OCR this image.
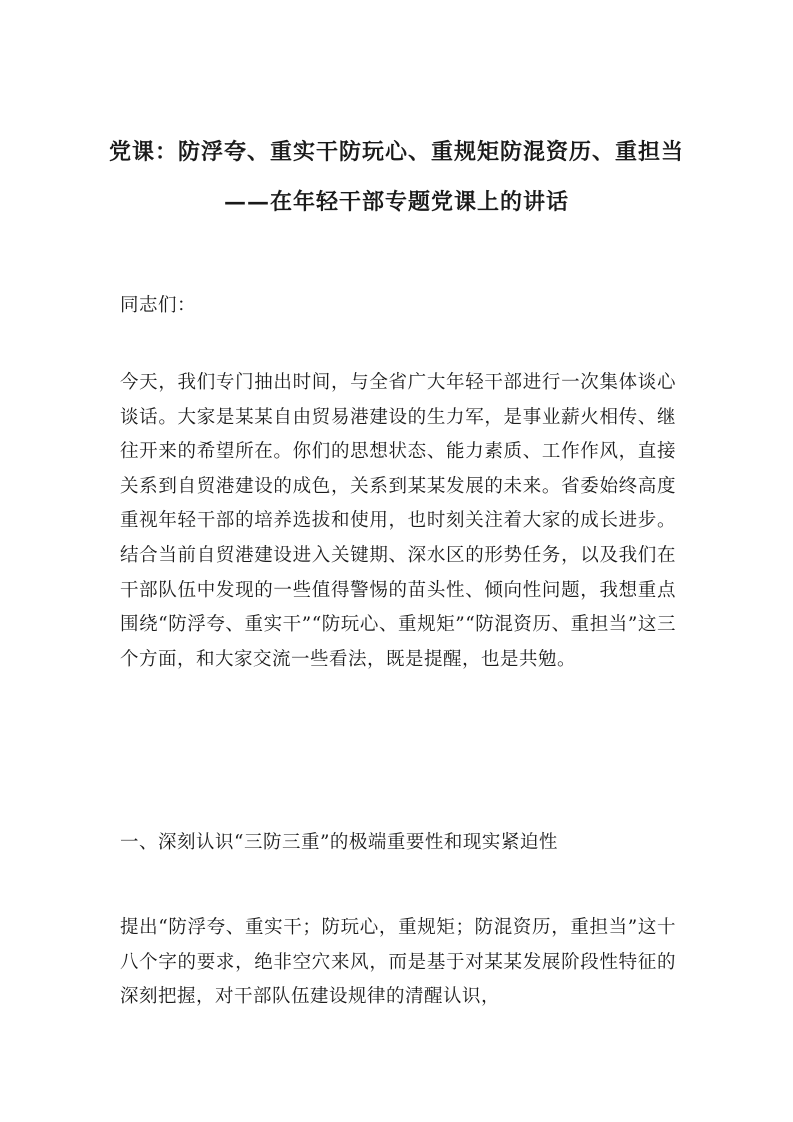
党课：防浮夸、重实干防玩心、重规矩防混资历、重担当——在年轻干部专题党课上的讲话

同志们：

今天，我们专门抽出时间，与全省广大年轻干部进行一次集体谈心谈话。大家是某某自由贸易港建设的生力军，是事业薪火相传、继往开来的希望所在。你们的思想状态、能力素质、工作作风，直接关系到自贸港建设的成色，关系到某某发展的未来。省委始终高度重视年轻干部的培养选拔和使用，也时刻关注着大家的成长进步。结合当前自贸港建设进入关键期、深水区的形势任务，以及我们在干部队伍中发现的一些值得警惕的苗头性、倾向性问题，我想重点围绕“防浮夸、重实干”“防玩心、重规矩”“防混资历、重担当”这三个方面，和大家交流一些看法，既是提醒，也是共勉。

一、深刻认识“三防三重”的极端重要性和现实紧迫性

提出“防浮夸、重实干；防玩心，重规矩；防混资历，重担当”这十八个字的要求，绝非空穴来风，而是基于对某某发展阶段性特征的深刻把握，对干部队伍建设规律的清醒认识，
